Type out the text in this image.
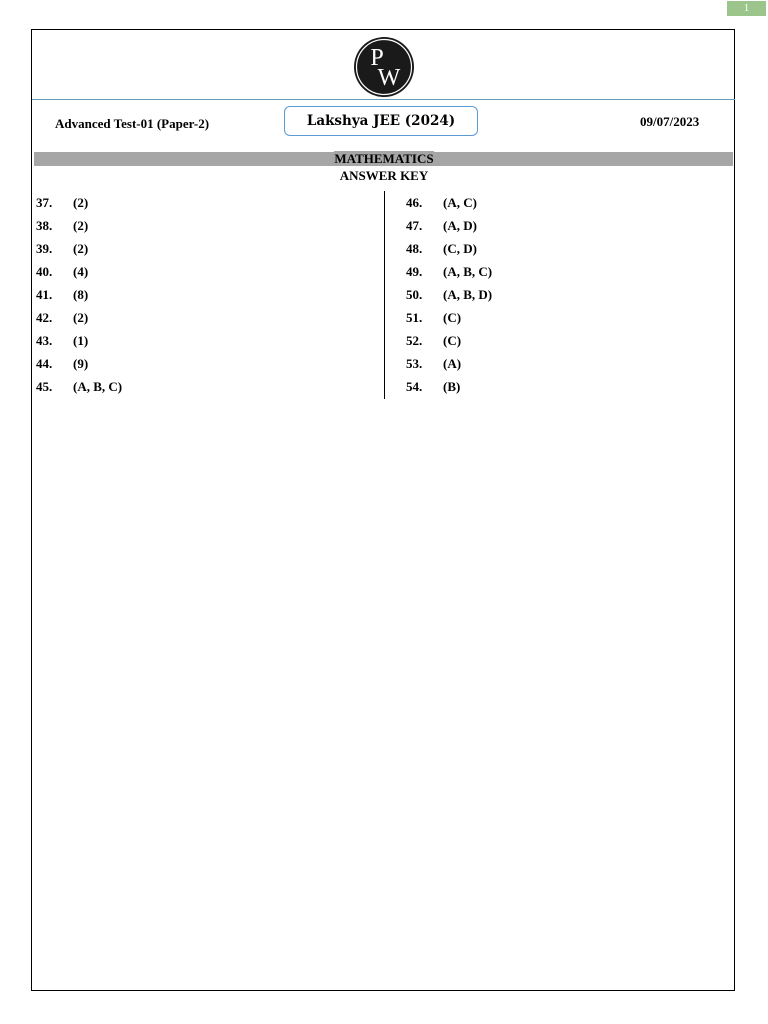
1
P
W
Advanced Test-01 (Paper-2)	Lakshya JEE (2024)	09/07/2023
MATHEMATICS
ANSWER KEY
37.	(2)
38.	(2)
39.	(2)
40.	(4)
41.	(8)
42.	(2)
43.	(1)
44.	(9)
45.	(A, B, C)
46.	(A, C)
47.	(A, D)
48.	(C, D)
49.	(A, B, C)
50.	(A, B, D)
51.	(C)
52.	(C)
53.	(A)
54.	(B)
